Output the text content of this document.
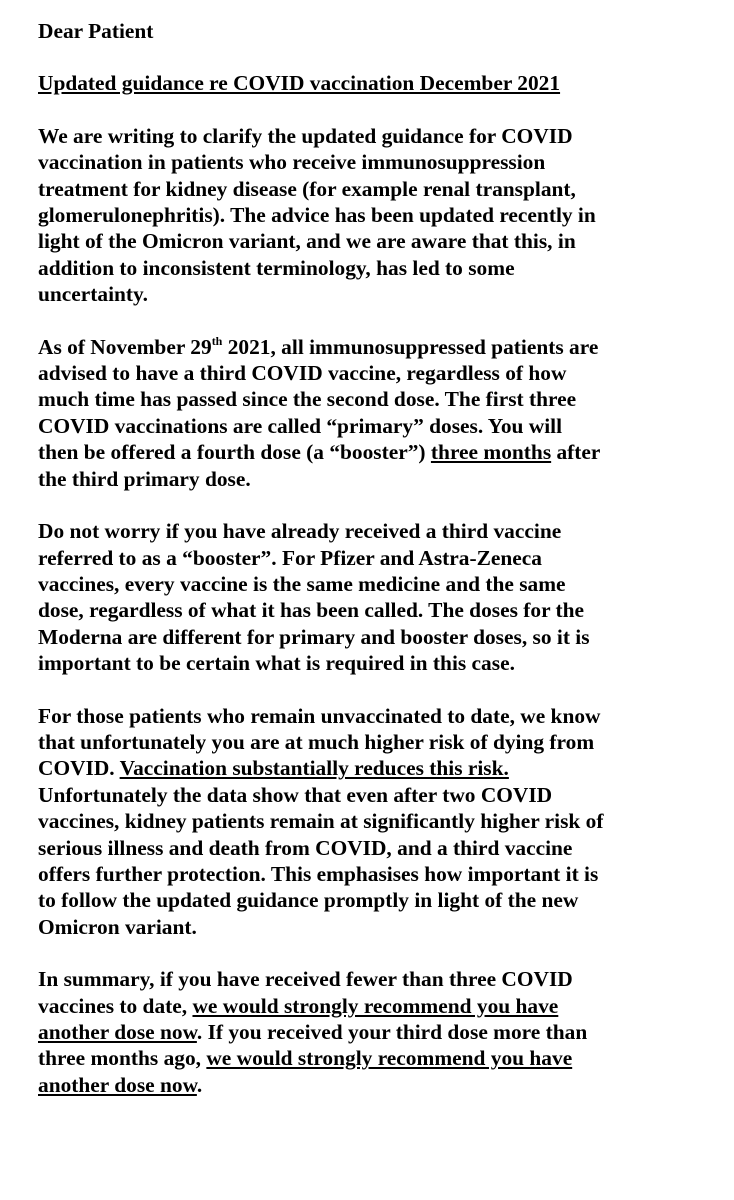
Dear Patient
Updated guidance re COVID vaccination December 2021
We are writing to clarify the updated guidance for COVID
vaccination in patients who receive immunosuppression
treatment for kidney disease (for example renal transplant,
glomerulonephritis). The advice has been updated recently in
light of the Omicron variant, and we are aware that this, in
addition to inconsistent terminology, has led to some
uncertainty.
As of November 29th 2021, all immunosuppressed patients are
advised to have a third COVID vaccine, regardless of how
much time has passed since the second dose. The first three
COVID vaccinations are called “primary” doses. You will
then be offered a fourth dose (a “booster”) three months after
the third primary dose.
Do not worry if you have already received a third vaccine
referred to as a “booster”. For Pfizer and Astra-Zeneca
vaccines, every vaccine is the same medicine and the same
dose, regardless of what it has been called. The doses for the
Moderna are different for primary and booster doses, so it is
important to be certain what is required in this case.
For those patients who remain unvaccinated to date, we know
that unfortunately you are at much higher risk of dying from
COVID. Vaccination substantially reduces this risk.
Unfortunately the data show that even after two COVID
vaccines, kidney patients remain at significantly higher risk of
serious illness and death from COVID, and a third vaccine
offers further protection. This emphasises how important it is
to follow the updated guidance promptly in light of the new
Omicron variant.
In summary, if you have received fewer than three COVID
vaccines to date, we would strongly recommend you have
another dose now. If you received your third dose more than
three months ago, we would strongly recommend you have
another dose now.
